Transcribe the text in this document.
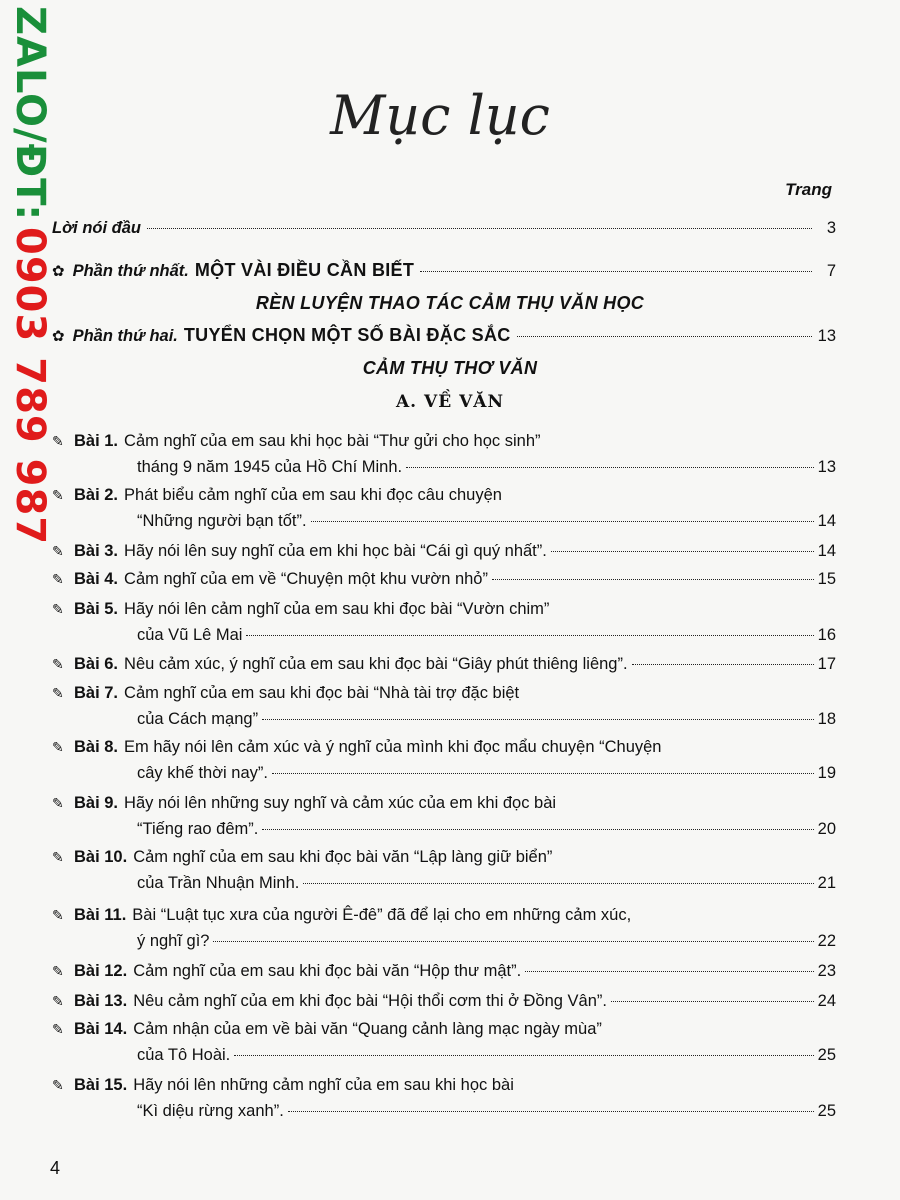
ZALO/ĐT:
0903 789 987
Mục lục
Trang
Lời nói đầu	3
✿ Phần thứ nhất. MỘT VÀI ĐIỀU CẦN BIẾT	7
RÈN LUYỆN THAO TÁC CẢM THỤ VĂN HỌC
✿ Phần thứ hai. TUYỂN CHỌN MỘT SỐ BÀI ĐẶC SẮC	13
CẢM THỤ THƠ VĂN
A. VỀ VĂN
✎ Bài 1. Cảm nghĩ của em sau khi học bài “Thư gửi cho học sinh”
tháng 9 năm 1945 của Hồ Chí Minh.	13
✎ Bài 2. Phát biểu cảm nghĩ của em sau khi đọc câu chuyện
“Những người bạn tốt”.	14
✎ Bài 3. Hãy nói lên suy nghĩ của em khi học bài “Cái gì quý nhất”.	14
✎ Bài 4. Cảm nghĩ của em về “Chuyện một khu vườn nhỏ”	15
✎ Bài 5. Hãy nói lên cảm nghĩ của em sau khi đọc bài “Vườn chim”
của Vũ Lê Mai	16
✎ Bài 6. Nêu cảm xúc, ý nghĩ của em sau khi đọc bài “Giây phút thiêng liêng”.	17
✎ Bài 7. Cảm nghĩ của em sau khi đọc bài “Nhà tài trợ đặc biệt
của Cách mạng”	18
✎ Bài 8. Em hãy nói lên cảm xúc và ý nghĩ của mình khi đọc mẩu chuyện “Chuyện
cây khế thời nay”.	19
✎ Bài 9. Hãy nói lên những suy nghĩ và cảm xúc của em khi đọc bài
“Tiếng rao đêm”.	20
✎ Bài 10. Cảm nghĩ của em sau khi đọc bài văn “Lập làng giữ biển”
của Trần Nhuận Minh.	21
✎ Bài 11. Bài “Luật tục xưa của người Ê-đê” đã để lại cho em những cảm xúc,
ý nghĩ gì?	22
✎ Bài 12. Cảm nghĩ của em sau khi đọc bài văn “Hộp thư mật”.	23
✎ Bài 13. Nêu cảm nghĩ của em khi đọc bài “Hội thổi cơm thi ở Đồng Vân”.	24
✎ Bài 14. Cảm nhận của em về bài văn “Quang cảnh làng mạc ngày mùa”
của Tô Hoài.	25
✎ Bài 15. Hãy nói lên những cảm nghĩ của em sau khi học bài
“Kì diệu rừng xanh”.	25
4
